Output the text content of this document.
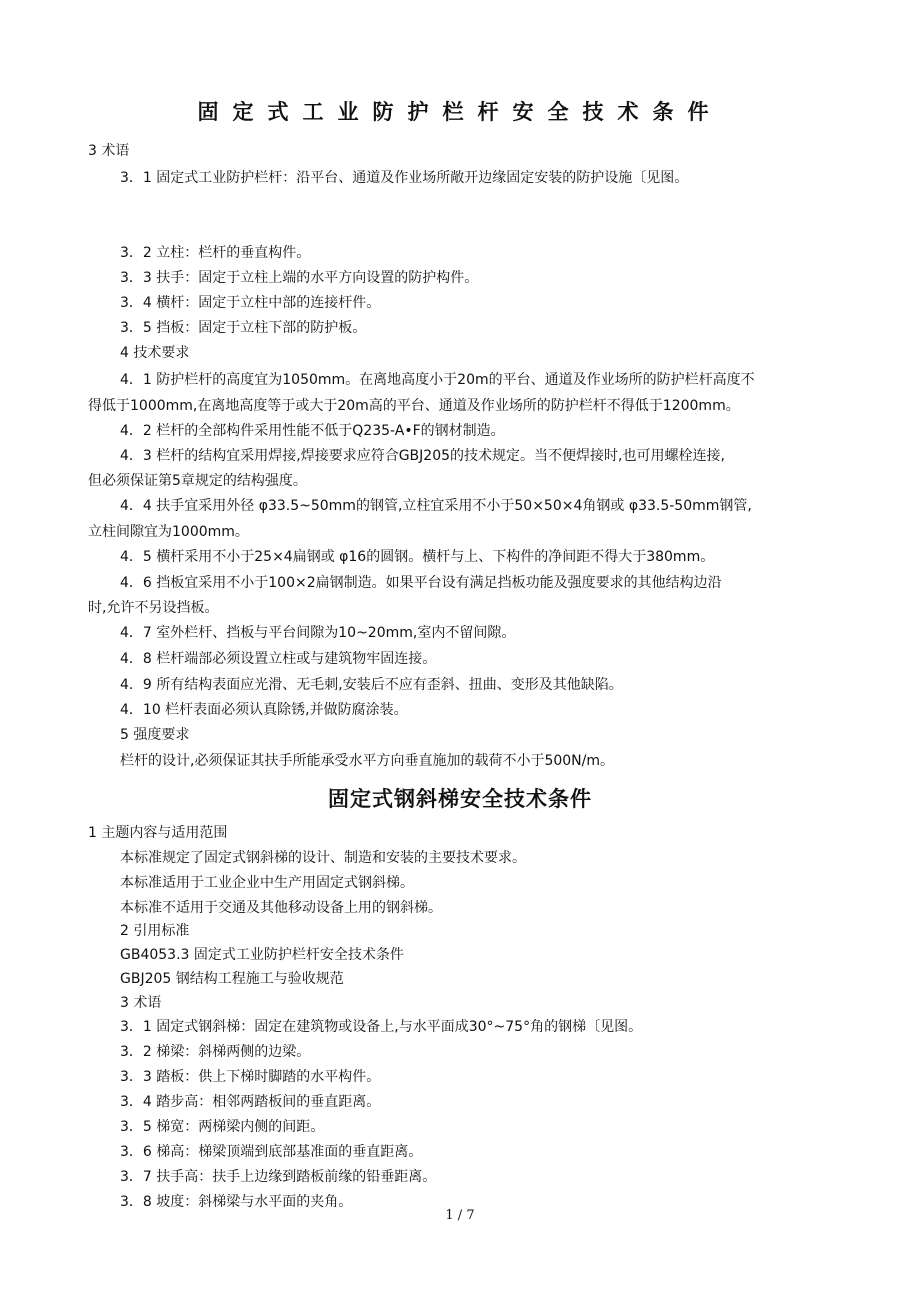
固定式工业防护栏杆安全技术条件
3 术语
3．1 固定式工业防护栏杆：沿平台、通道及作业场所敞开边缘固定安装的防护设施〔见图。
3．2 立柱：栏杆的垂直构件。
3．3 扶手：固定于立柱上端的水平方向设置的防护构件。
3．4 横杆：固定于立柱中部的连接杆件。
3．5 挡板：固定于立柱下部的防护板。
4 技术要求
4．1 防护栏杆的高度宜为1050mm。在离地高度小于20m的平台、通道及作业场所的防护栏杆高度不
得低于1000mm,在离地高度等于或大于20m高的平台、通道及作业场所的防护栏杆不得低于1200mm。
4．2 栏杆的全部构件采用性能不低于Q235-A•F的钢材制造。
4．3 栏杆的结构宜采用焊接,焊接要求应符合GBJ205的技术规定。当不便焊接时,也可用螺栓连接,
但必须保证第5章规定的结构强度。
4．4 扶手宜采用外径 φ33.5~50mm的钢管,立柱宜采用不小于50×50×4角钢或 φ33.5-50mm钢管,
立柱间隙宜为1000mm。
4．5 横杆采用不小于25×4扁钢或 φ16的圆钢。横杆与上、下构件的净间距不得大于380mm。
4．6 挡板宜采用不小于100×2扁钢制造。如果平台设有满足挡板功能及强度要求的其他结构边沿
时,允许不另设挡板。
4．7 室外栏杆、挡板与平台间隙为10~20mm,室内不留间隙。
4．8 栏杆端部必须设置立柱或与建筑物牢固连接。
4．9 所有结构表面应光滑、无毛刺,安装后不应有歪斜、扭曲、变形及其他缺陷。
4．10 栏杆表面必须认真除锈,并做防腐涂装。
5 强度要求
栏杆的设计,必须保证其扶手所能承受水平方向垂直施加的载荷不小于500N/m。
固定式钢斜梯安全技术条件
1 主题内容与适用范围
本标准规定了固定式钢斜梯的设计、制造和安装的主要技术要求。
本标准适用于工业企业中生产用固定式钢斜梯。
本标准不适用于交通及其他移动设备上用的钢斜梯。
2 引用标准
GB4053.3 固定式工业防护栏杆安全技术条件
GBJ205 钢结构工程施工与验收规范
3 术语
3．1 固定式钢斜梯：固定在建筑物或设备上,与水平面成30°~75°角的钢梯〔见图。
3．2 梯梁：斜梯两侧的边梁。
3．3 踏板：供上下梯时脚踏的水平构件。
3．4 踏步高：相邻两踏板间的垂直距离。
3．5 梯宽：两梯梁内侧的间距。
3．6 梯高：梯梁顶端到底部基准面的垂直距离。
3．7 扶手高：扶手上边缘到踏板前缘的铅垂距离。
3．8 坡度：斜梯梁与水平面的夹角。
1 / 7
